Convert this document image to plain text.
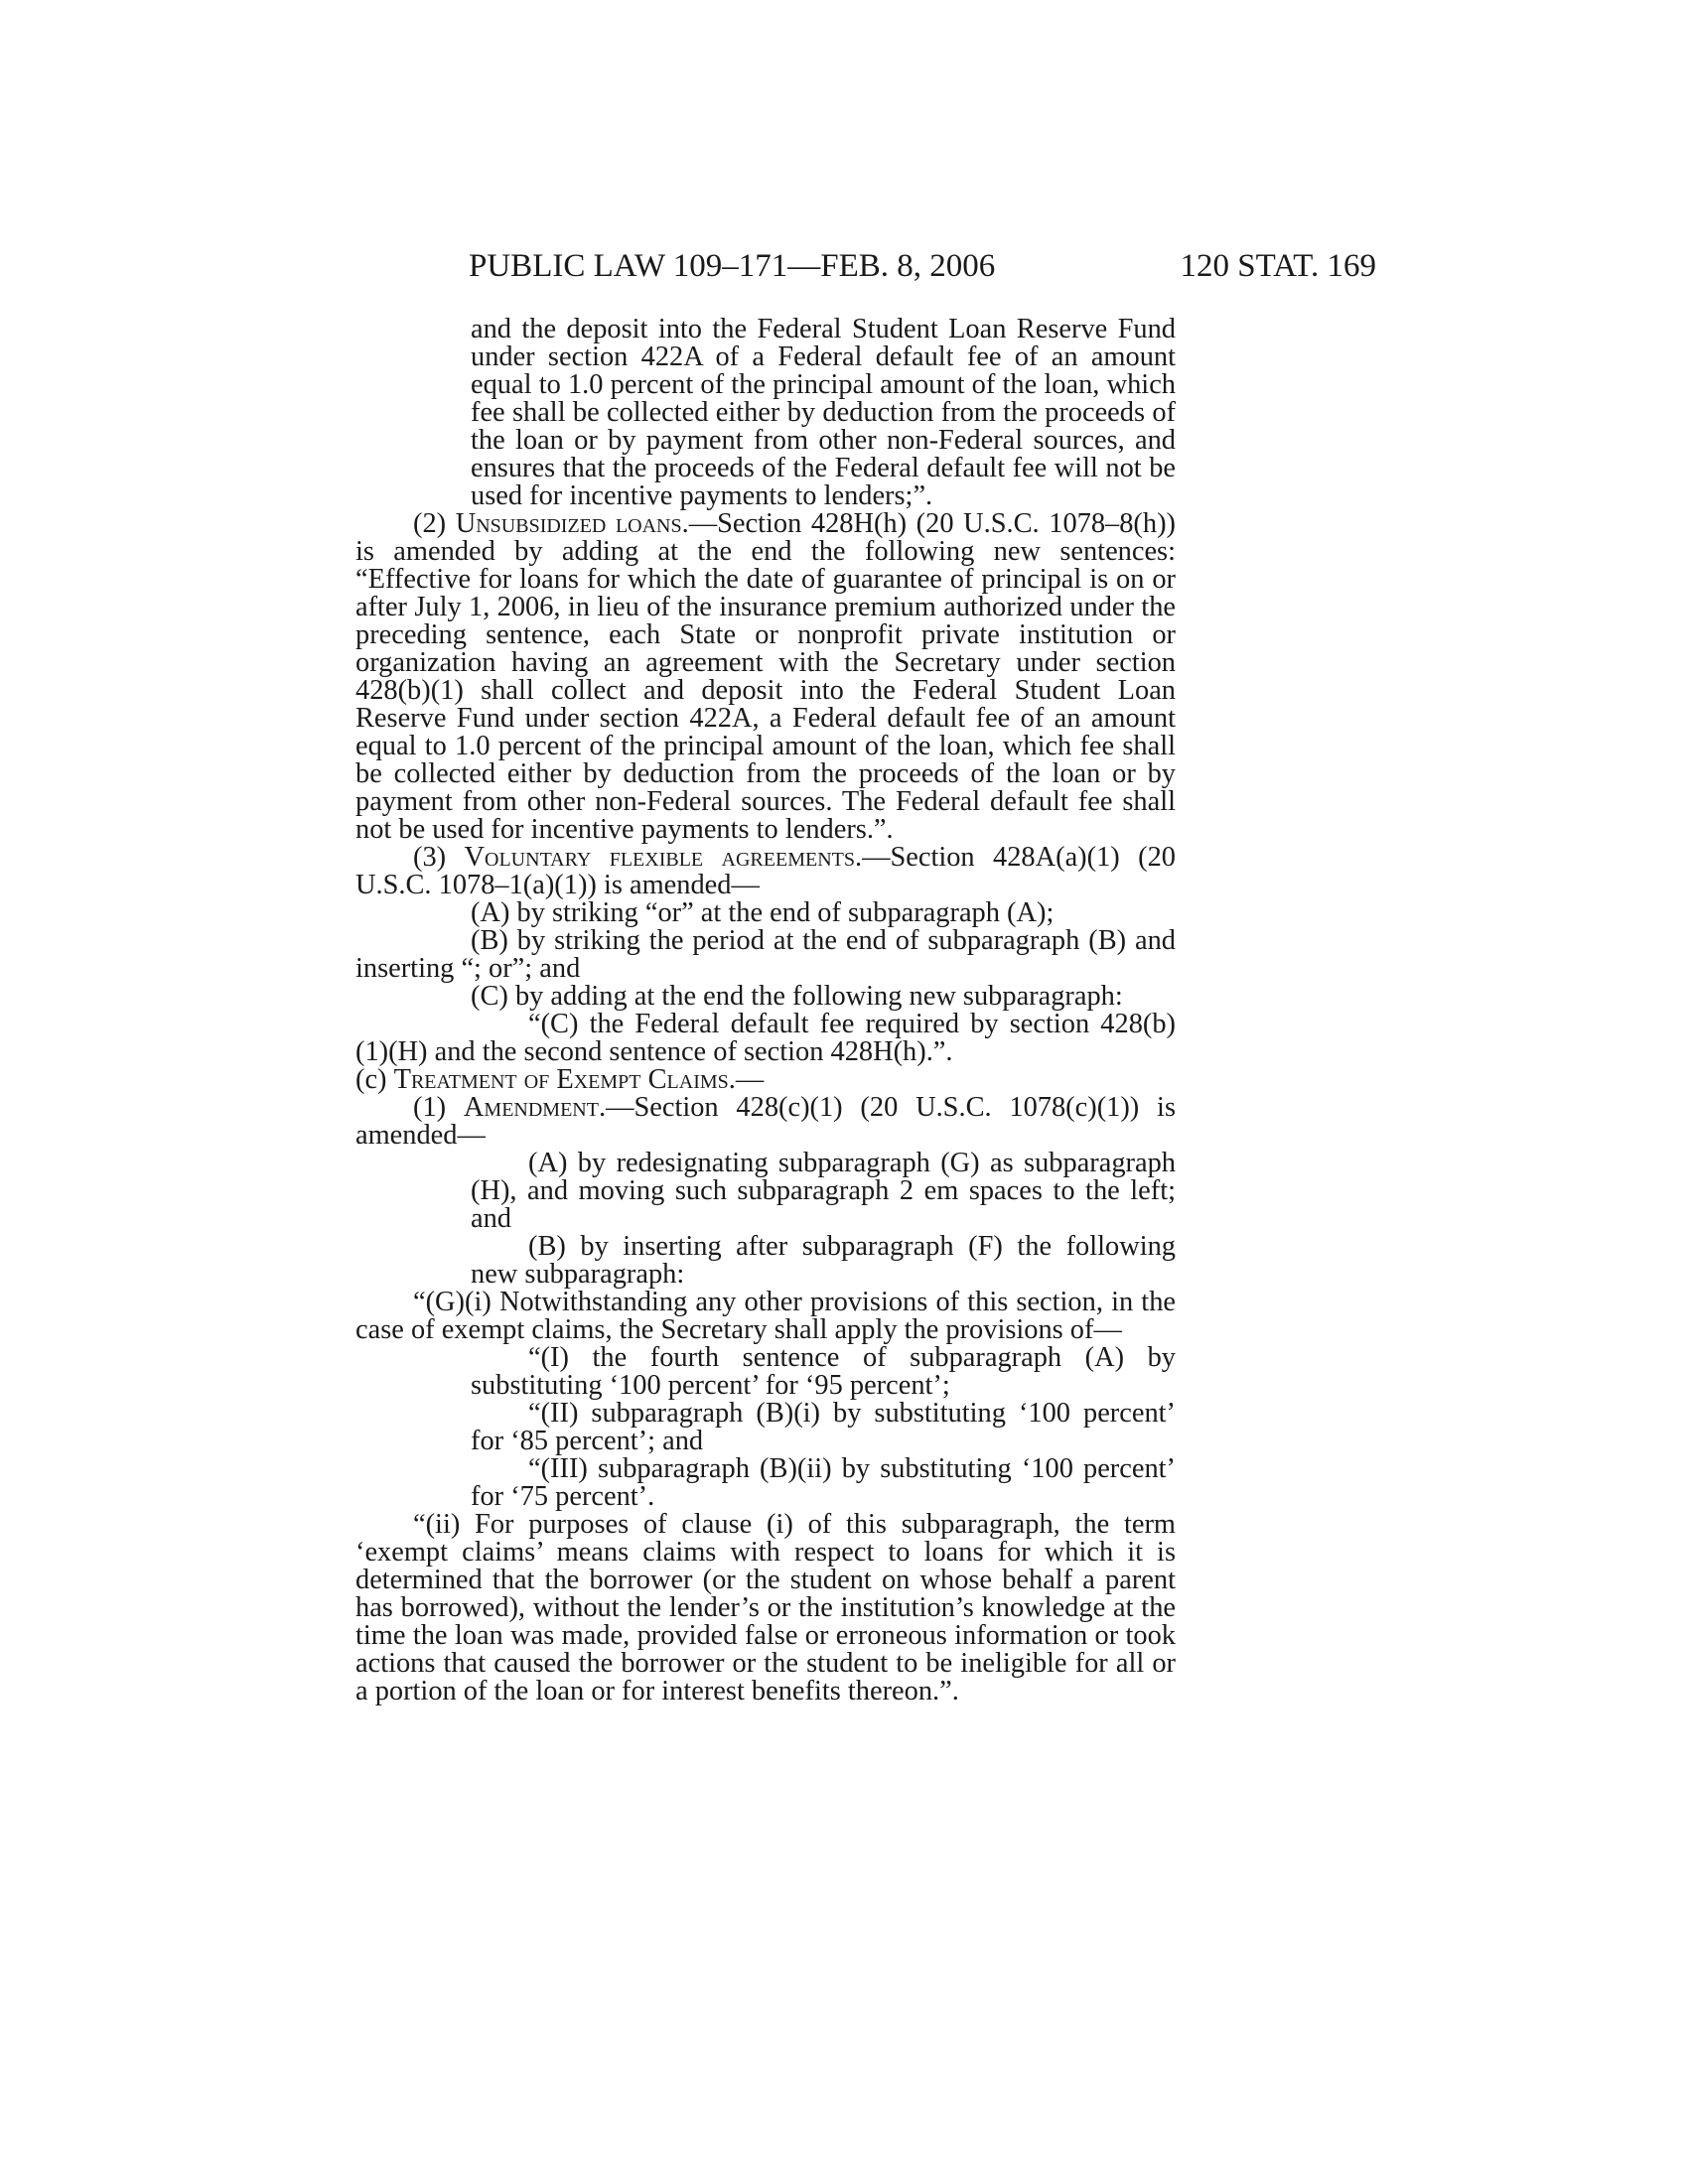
PUBLIC LAW 109–171—FEB. 8, 2006	120 STAT. 169

and the deposit into the Federal Student Loan Reserve Fund under section 422A of a Federal default fee of an amount equal to 1.0 percent of the principal amount of the loan, which fee shall be collected either by deduction from the proceeds of the loan or by payment from other non-Federal sources, and ensures that the proceeds of the Federal default fee will not be used for incentive payments to lenders;”.

(2) Unsubsidized loans.—Section 428H(h) (20 U.S.C. 1078–8(h)) is amended by adding at the end the following new sentences: “Effective for loans for which the date of guarantee of principal is on or after July 1, 2006, in lieu of the insurance premium authorized under the preceding sentence, each State or nonprofit private institution or organization having an agreement with the Secretary under section 428(b)(1) shall collect and deposit into the Federal Student Loan Reserve Fund under section 422A, a Federal default fee of an amount equal to 1.0 percent of the principal amount of the loan, which fee shall be collected either by deduction from the proceeds of the loan or by payment from other non-Federal sources. The Federal default fee shall not be used for incentive payments to lenders.”.

(3) Voluntary flexible agreements.—Section 428A(a)(1) (20 U.S.C. 1078–1(a)(1)) is amended—

(A) by striking “or” at the end of subparagraph (A);

(B) by striking the period at the end of subparagraph (B) and inserting “; or”; and

(C) by adding at the end the following new subparagraph:

“(C) the Federal default fee required by section 428(b)(1)(H) and the second sentence of section 428H(h).”.

(c) Treatment of Exempt Claims.—

(1) Amendment.—Section 428(c)(1) (20 U.S.C. 1078(c)(1)) is amended—

(A) by redesignating subparagraph (G) as subparagraph (H), and moving such subparagraph 2 em spaces to the left; and

(B) by inserting after subparagraph (F) the following new subparagraph:

“(G)(i) Notwithstanding any other provisions of this section, in the case of exempt claims, the Secretary shall apply the provisions of—

“(I) the fourth sentence of subparagraph (A) by substituting ‘100 percent’ for ‘95 percent’;

“(II) subparagraph (B)(i) by substituting ‘100 percent’ for ‘85 percent’; and

“(III) subparagraph (B)(ii) by substituting ‘100 percent’ for ‘75 percent’.

“(ii) For purposes of clause (i) of this subparagraph, the term ‘exempt claims’ means claims with respect to loans for which it is determined that the borrower (or the student on whose behalf a parent has borrowed), without the lender’s or the institution’s knowledge at the time the loan was made, provided false or erroneous information or took actions that caused the borrower or the student to be ineligible for all or a portion of the loan or for interest benefits thereon.”.
